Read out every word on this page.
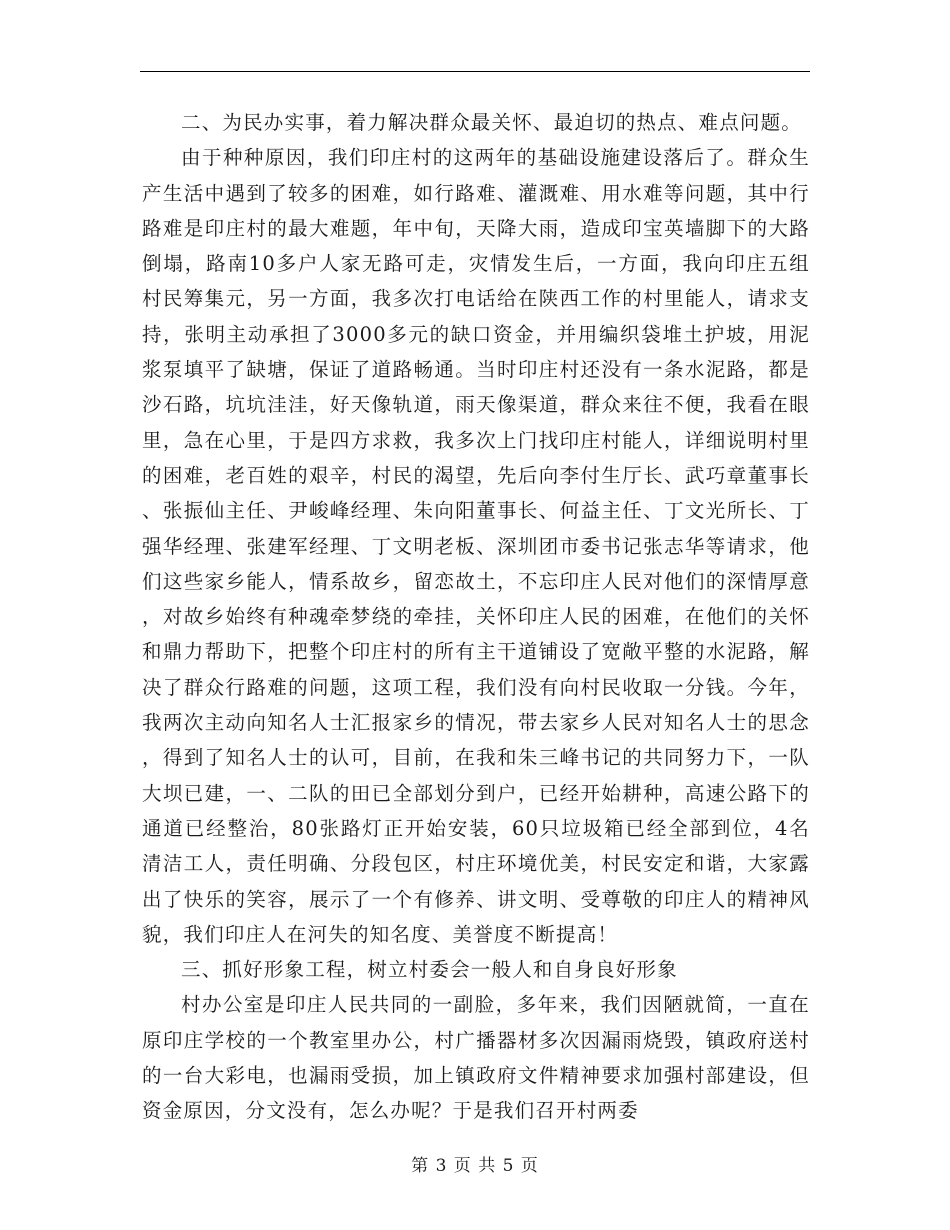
二、为民办实事，着力解决群众最关怀、最迫切的热点、难点问题。

由于种种原因，我们印庄村的这两年的基础设施建设落后了。群众生产生活中遇到了较多的困难，如行路难、灌溉难、用水难等问题，其中行路难是印庄村的最大难题，年中旬，天降大雨，造成印宝英墙脚下的大路倒塌，路南10多户人家无路可走，灾情发生后，一方面，我向印庄五组村民筹集元，另一方面，我多次打电话给在陕西工作的村里能人，请求支持，张明主动承担了3000多元的缺口资金，并用编织袋堆土护坡，用泥浆泵填平了缺塘，保证了道路畅通。当时印庄村还没有一条水泥路，都是沙石路，坑坑洼洼，好天像轨道，雨天像渠道，群众来往不便，我看在眼里，急在心里，于是四方求救，我多次上门找印庄村能人，详细说明村里的困难，老百姓的艰辛，村民的渴望，先后向李付生厅长、武巧章董事长、张振仙主任、尹峻峰经理、朱向阳董事长、何益主任、丁文光所长、丁强华经理、张建军经理、丁文明老板、深圳团市委书记张志华等请求，他们这些家乡能人，情系故乡，留恋故土，不忘印庄人民对他们的深情厚意，对故乡始终有种魂牵梦绕的牵挂，关怀印庄人民的困难，在他们的关怀和鼎力帮助下，把整个印庄村的所有主干道铺设了宽敞平整的水泥路，解决了群众行路难的问题，这项工程，我们没有向村民收取一分钱。今年，我两次主动向知名人士汇报家乡的情况，带去家乡人民对知名人士的思念，得到了知名人士的认可，目前，在我和朱三峰书记的共同努力下，一队大坝已建，一、二队的田已全部划分到户，已经开始耕种，高速公路下的通道已经整治，80张路灯正开始安装，60只垃圾箱已经全部到位，4名清洁工人，责任明确、分段包区，村庄环境优美，村民安定和谐，大家露出了快乐的笑容，展示了一个有修养、讲文明、受尊敬的印庄人的精神风貌，我们印庄人在河失的知名度、美誉度不断提高！

三、抓好形象工程，树立村委会一般人和自身良好形象

村办公室是印庄人民共同的一副脸，多年来，我们因陋就简，一直在原印庄学校的一个教室里办公，村广播器材多次因漏雨烧毁，镇政府送村的一台大彩电，也漏雨受损，加上镇政府文件精神要求加强村部建设，但资金原因，分文没有，怎么办呢？于是我们召开村两委

第 3 页 共 5 页
